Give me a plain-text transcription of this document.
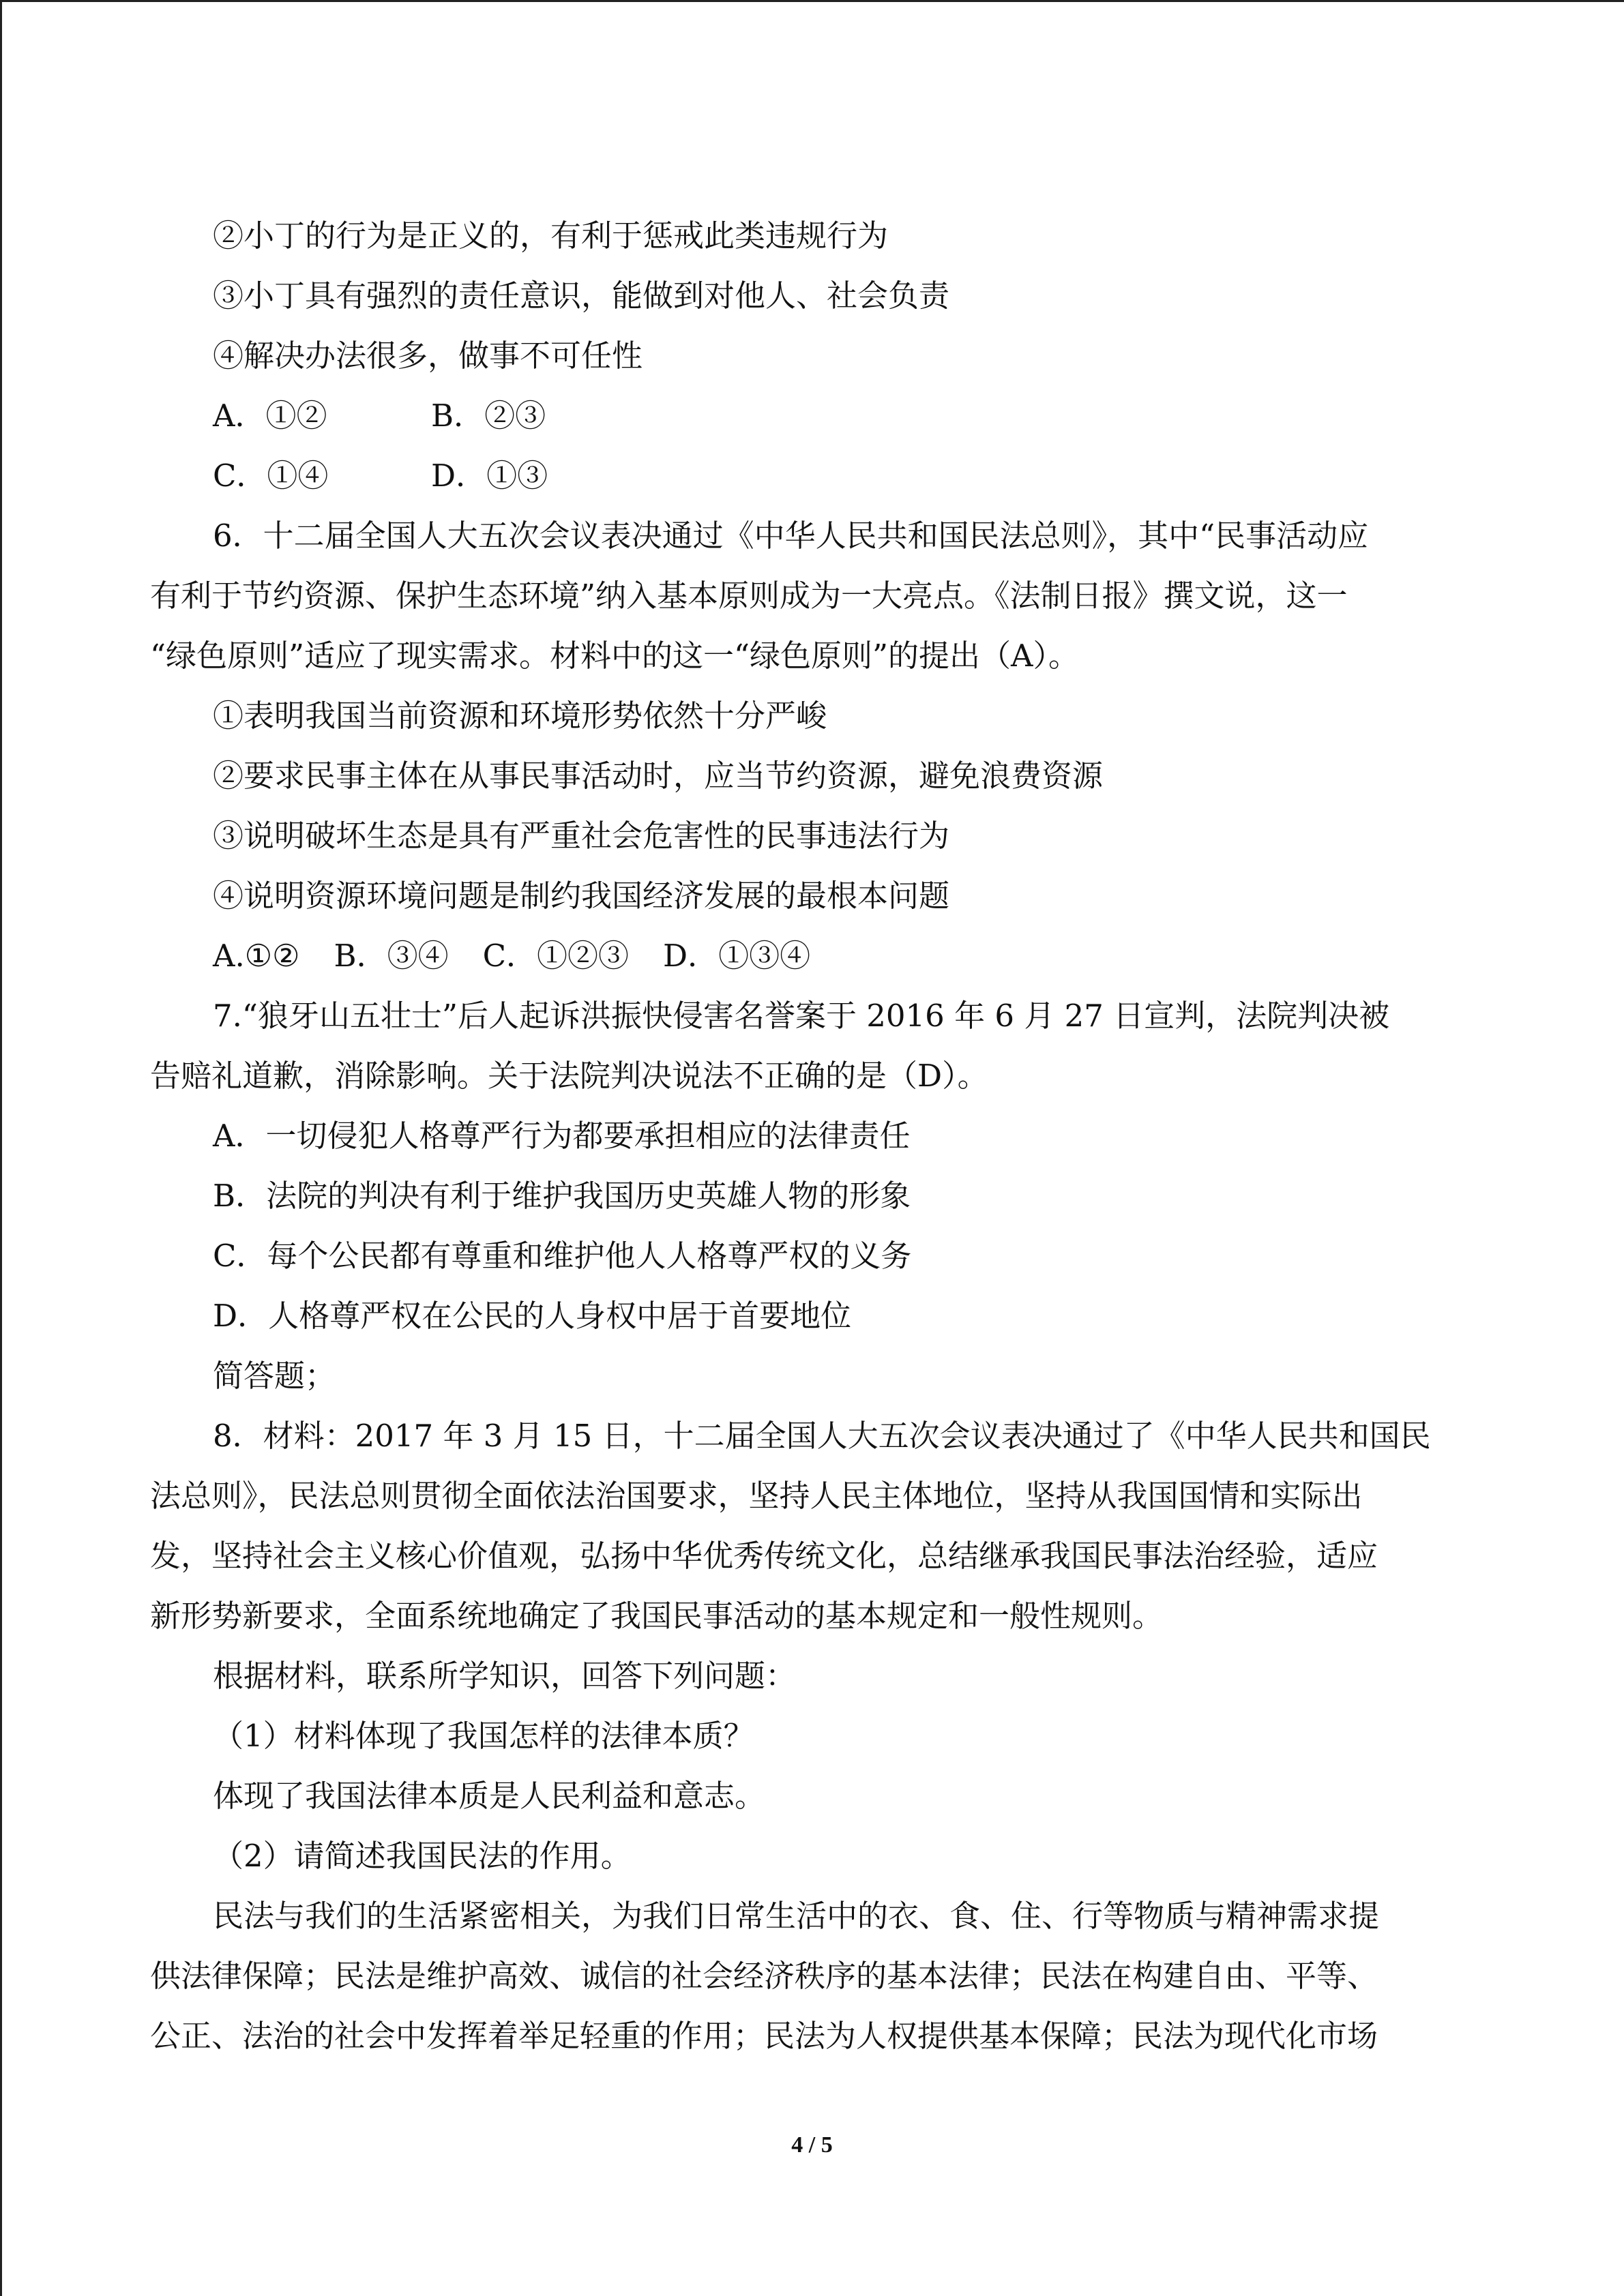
②小丁的行为是正义的，有利于惩戒此类违规行为
③小丁具有强烈的责任意识，能做到对他人、社会负责
④解决办法很多，做事不可任性
A．①②	B．②③
C．①④	D．①③
6．十二届全国人大五次会议表决通过《中华人民共和国民法总则》，其中“民事活动应
有利于节约资源、保护生态环境”纳入基本原则成为一大亮点。《法制日报》撰文说，这一
“绿色原则”适应了现实需求。材料中的这一“绿色原则”的提出（A）。
①表明我国当前资源和环境形势依然十分严峻
②要求民事主体在从事民事活动时，应当节约资源，避免浪费资源
③说明破坏生态是具有严重社会危害性的民事违法行为
④说明资源环境问题是制约我国经济发展的最根本问题
A.①② B．③④ C．①②③ D．①③④
7.“狼牙山五壮士”后人起诉洪振快侵害名誉案于 2016 年 6 月 27 日宣判，法院判决被
告赔礼道歉，消除影响。关于法院判决说法不正确的是（D）。
A．一切侵犯人格尊严行为都要承担相应的法律责任
B．法院的判决有利于维护我国历史英雄人物的形象
C．每个公民都有尊重和维护他人人格尊严权的义务
D．人格尊严权在公民的人身权中居于首要地位
简答题；
8．材料：2017 年 3 月 15 日，十二届全国人大五次会议表决通过了《中华人民共和国民
法总则》，民法总则贯彻全面依法治国要求，坚持人民主体地位，坚持从我国国情和实际出
发，坚持社会主义核心价值观，弘扬中华优秀传统文化，总结继承我国民事法治经验，适应
新形势新要求，全面系统地确定了我国民事活动的基本规定和一般性规则。
根据材料，联系所学知识，回答下列问题：
（1）材料体现了我国怎样的法律本质？
体现了我国法律本质是人民利益和意志。
（2）请简述我国民法的作用。
民法与我们的生活紧密相关，为我们日常生活中的衣、食、住、行等物质与精神需求提
供法律保障；民法是维护高效、诚信的社会经济秩序的基本法律；民法在构建自由、平等、
公正、法治的社会中发挥着举足轻重的作用；民法为人权提供基本保障；民法为现代化市场
4 / 5
